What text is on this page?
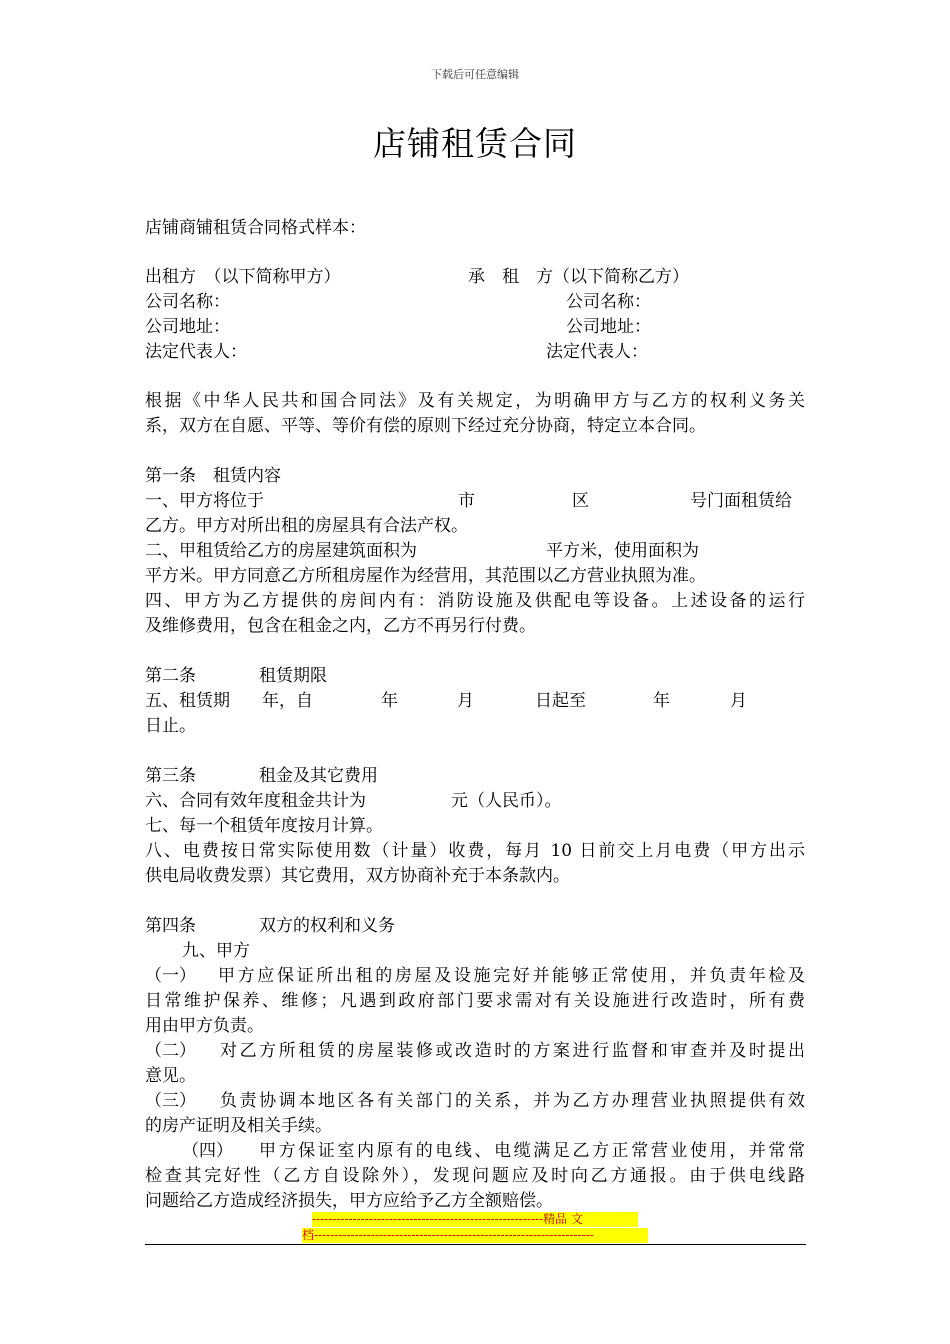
下载后可任意编辑
店铺租赁合同
店铺商铺租赁合同格式样本：
出租方　（以下简称甲方）	承　租　方（以下简称乙方）
公司名称：	公司名称：
公司地址：	公司地址：
法定代表人：	法定代表人：
根据《中华人民共和国合同法》及有关规定，为明确甲方与乙方的权利义务关
系，双方在自愿、平等、等价有偿的原则下经过充分协商，特定立本合同。
第一条　租赁内容
一、甲方将位于	市	区	号门面租赁给
乙方。甲方对所出租的房屋具有合法产权。
二、甲租赁给乙方的房屋建筑面积为	平方米，使用面积为
平方米。甲方同意乙方所租房屋作为经营用，其范围以乙方营业执照为准。
四、甲方为乙方提供的房间内有：消防设施及供配电等设备。上述设备的运行
及维修费用，包含在租金之内，乙方不再另行付费。
第二条	租赁期限
五、租赁期 年，自	年	月	日起至	年	月
日止。
第三条	租金及其它费用
六、合同有效年度租金共计为	元（人民币）。
七、每一个租赁年度按月计算。
八、电费按日常实际使用数（计量）收费，每月 10 日前交上月电费（甲方出示
供电局收费发票）其它费用，双方协商补充于本条款内。
第四条	双方的权利和义务
九、甲方
（一） 甲方应保证所出租的房屋及设施完好并能够正常使用，并负责年检及
日常维护保养、维修；凡遇到政府部门要求需对有关设施进行改造时，所有费
用由甲方负责。
（二） 对乙方所租赁的房屋装修或改造时的方案进行监督和审查并及时提出
意见。
（三） 负责协调本地区各有关部门的关系，并为乙方办理营业执照提供有效
的房产证明及相关手续。
（四） 甲方保证室内原有的电线、电缆满足乙方正常营业使用，并常常
检查其完好性（乙方自设除外），发现问题应及时向乙方通报。由于供电线路
问题给乙方造成经济损失，甲方应给予乙方全额赔偿。
---------------------------------------------------------精品 文
档---------------------------------------------------------------------
